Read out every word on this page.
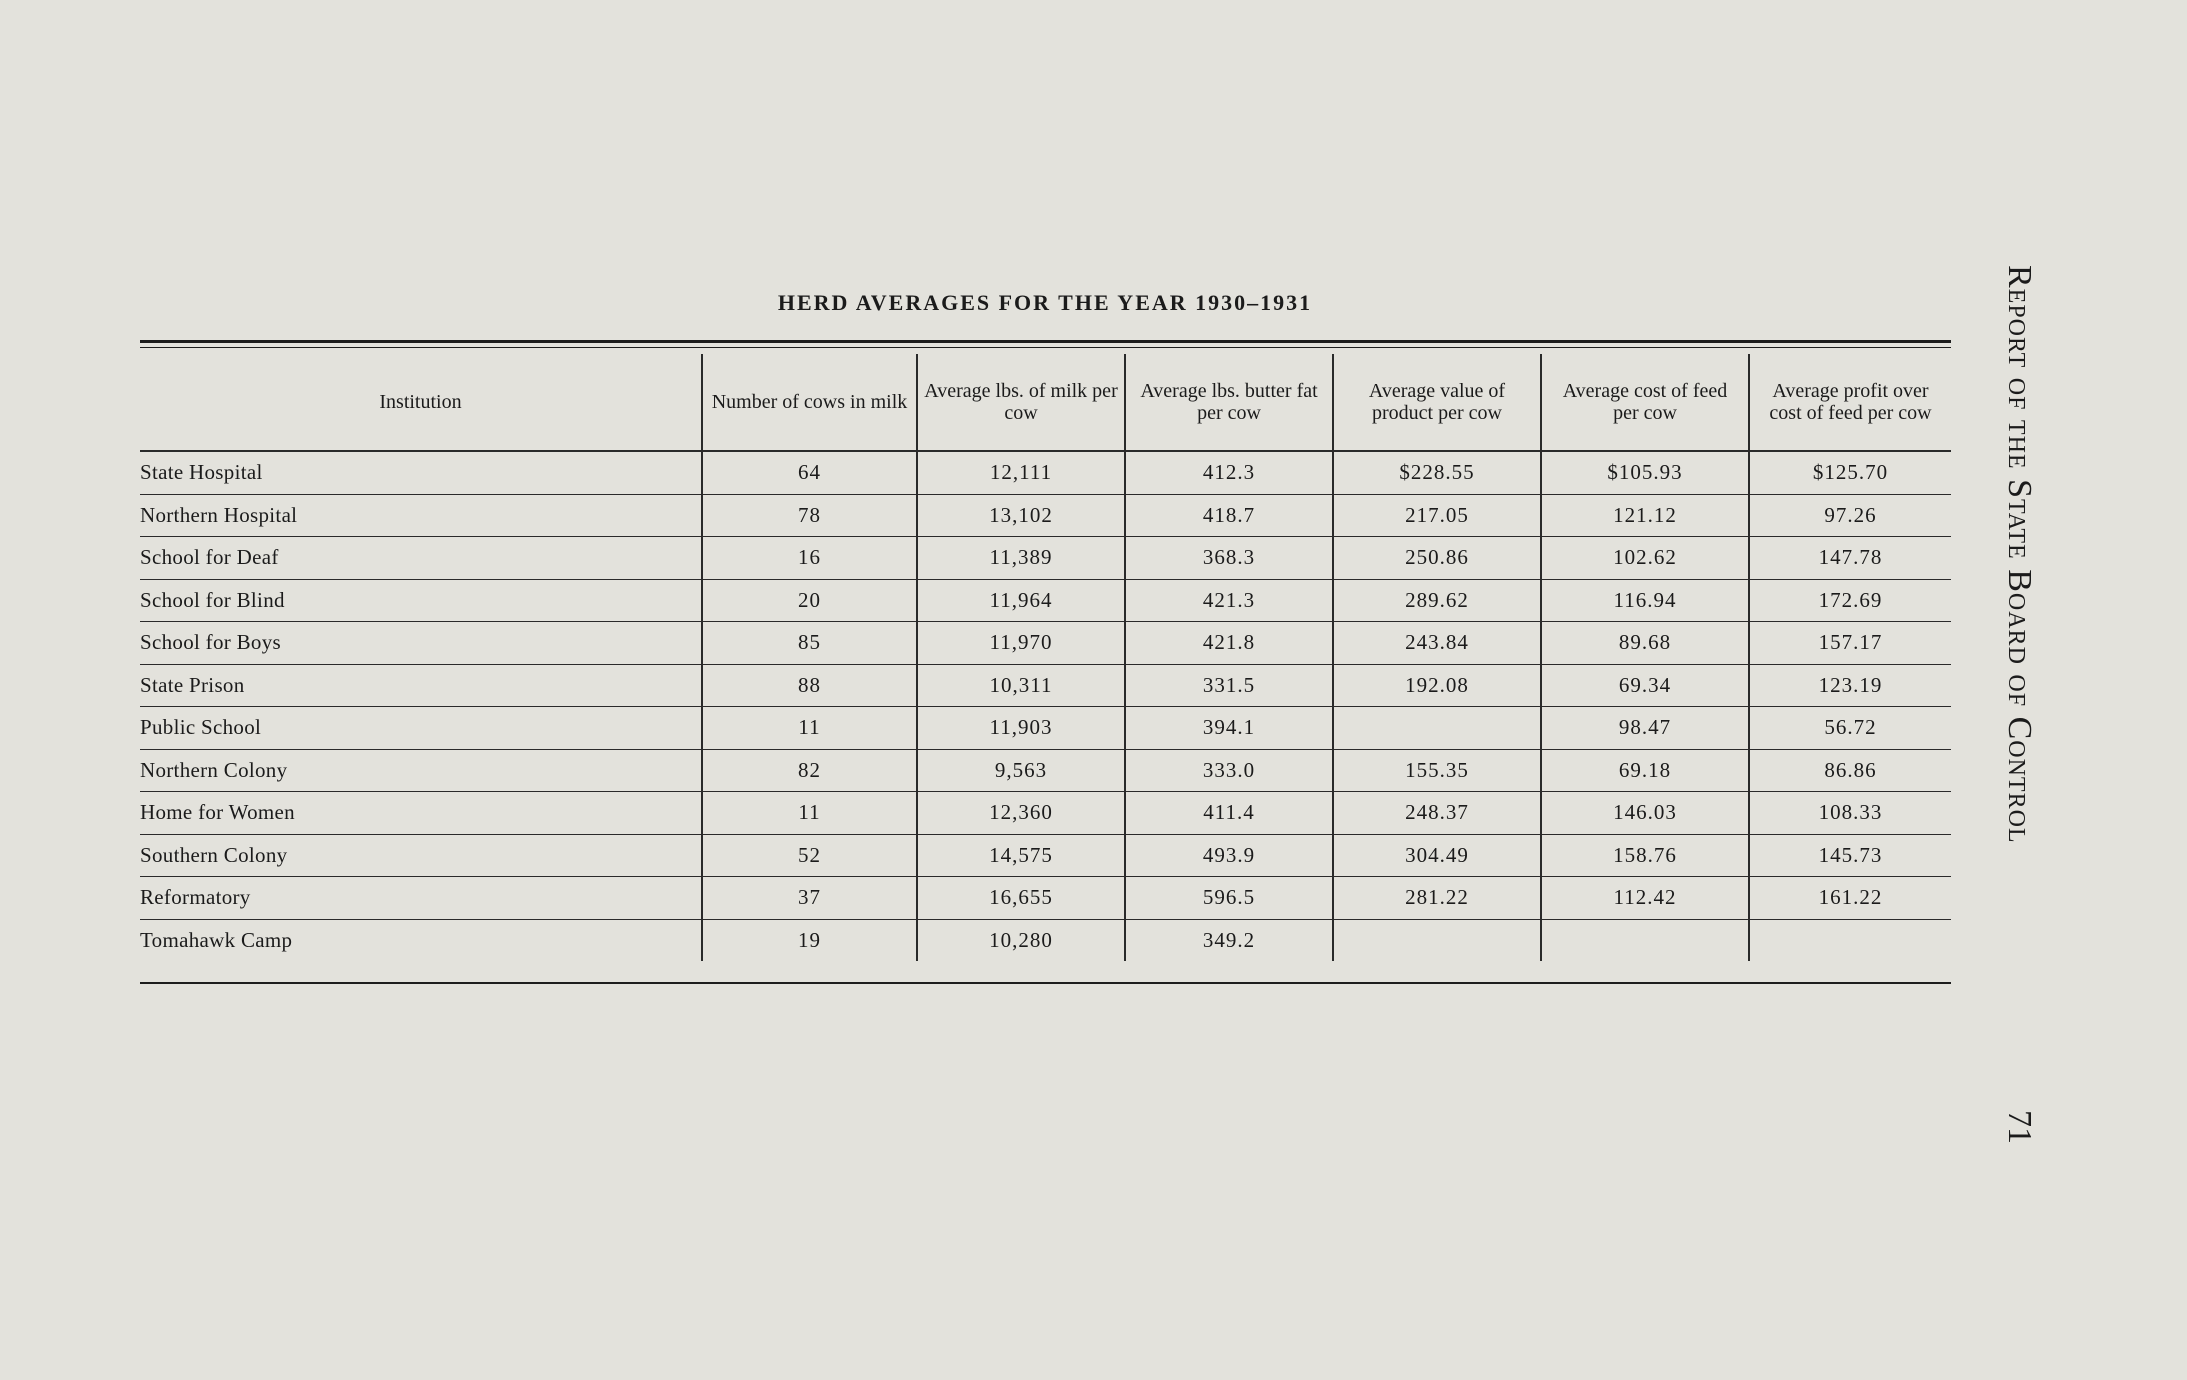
HERD AVERAGES FOR THE YEAR 1930–1931
Institution	Number of cows in milk	Average lbs. of milk per cow	Average lbs. butter fat per cow	Average value of product per cow	Average cost of feed per cow	Average profit over cost of feed per cow
State Hospital	64	12,111	412.3	$228.55	$105.93	$125.70
Northern Hospital	78	13,102	418.7	217.05	121.12	97.26
School for Deaf	16	11,389	368.3	250.86	102.62	147.78
School for Blind	20	11,964	421.3	289.62	116.94	172.69
School for Boys	85	11,970	421.8	243.84	89.68	157.17
State Prison	88	10,311	331.5	192.08	69.34	123.19
Public School	11	11,903	394.1		98.47	56.72
Northern Colony	82	9,563	333.0	155.35	69.18	86.86
Home for Women	11	12,360	411.4	248.37	146.03	108.33
Southern Colony	52	14,575	493.9	304.49	158.76	145.73
Reformatory	37	16,655	596.5	281.22	112.42	161.22
Tomahawk Camp	19	10,280	349.2			
Report of the State Board of Control
71
